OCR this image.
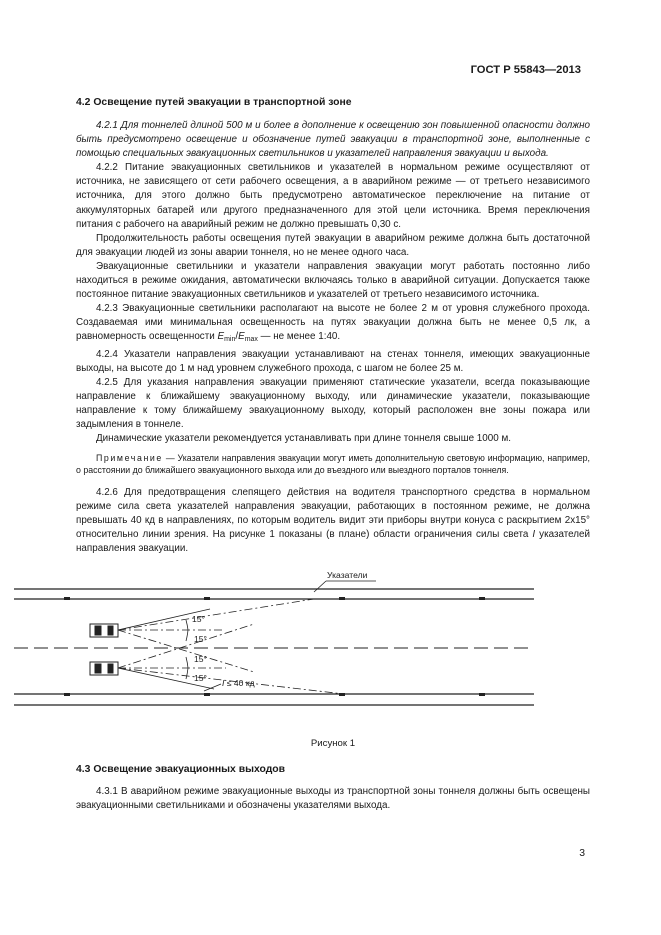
ГОСТ Р 55843—2013
4.2 Освещение путей эвакуации в транспортной зоне

4.2.1 Для тоннелей длиной 500 м и более в дополнение к освещению зон повышенной опасности должно быть предусмотрено освещение и обозначение путей эвакуации в транспортной зоне, выполненные с помощью специальных эвакуационных светильников и указателей направления эвакуации и выхода.

4.2.2 Питание эвакуационных светильников и указателей в нормальном режиме осуществляют от источника, не зависящего от сети рабочего освещения, а в аварийном режиме — от третьего независимого источника, для этого должно быть предусмотрено автоматическое переключение на питание от аккумуляторных батарей или другого предназначенного для этой цели источника. Время переключения питания с рабочего на аварийный режим не должно превышать 0,30 с.

Продолжительность работы освещения путей эвакуации в аварийном режиме должна быть достаточной для эвакуации людей из зоны аварии тоннеля, но не менее одного часа.

Эвакуационные светильники и указатели направления эвакуации могут работать постоянно либо находиться в режиме ожидания, автоматически включаясь только в аварийной ситуации. Допускается также постоянное питание эвакуационных светильников и указателей от третьего независимого источника.

4.2.3 Эвакуационные светильники располагают на высоте не более 2 м от уровня служебного прохода. Создаваемая ими минимальная освещенность на путях эвакуации должна быть не менее 0,5 лк, а равномерность освещенности $E_{min}/E_{max}$ — не менее 1:40.

4.2.4 Указатели направления эвакуации устанавливают на стенах тоннеля, имеющих эвакуационные выходы, на высоте до 1 м над уровнем служебного прохода, с шагом не более 25 м.

4.2.5 Для указания направления эвакуации применяют статические указатели, всегда показывающие направление к ближайшему эвакуационному выходу, или динамические указатели, показывающие направление к тому ближайшему эвакуационному выходу, который расположен вне зоны пожара или задымления в тоннеле.

Динамические указатели рекомендуется устанавливать при длине тоннеля свыше 1000 м.

Примечание — Указатели направления эвакуации могут иметь дополнительную световую информацию, например, о расстоянии до ближайшего эвакуационного выхода или до въездного или выездного порталов тоннеля.

4.2.6 Для предотвращения слепящего действия на водителя транспортного средства в нормальном режиме сила света указателей направления эвакуации, работающих в постоянном режиме, не должна превышать 40 кд в направлениях, по которым водитель видит эти приборы внутри конуса с раскрытием 2x15° относительно линии зрения. На рисунке 1 показаны (в плане) области ограничения силы света I указателей направления эвакуации.

Указатели
15°
15°
15°
15° I ≤ 40 кд
Рисунок 1
4.3 Освещение эвакуационных выходов

4.3.1 В аварийном режиме эвакуационные выходы из транспортной зоны тоннеля должны быть освещены эвакуационными светильниками и обозначены указателями выхода.

3
